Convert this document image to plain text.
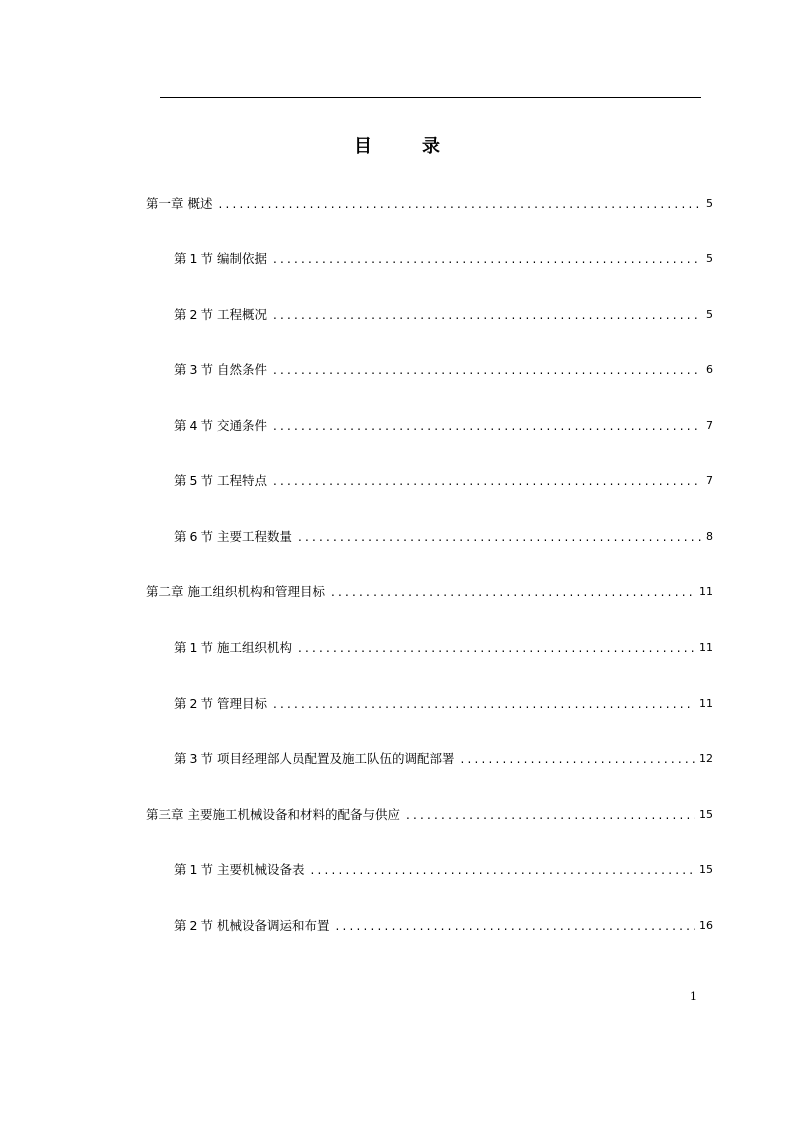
目　录
第一章 概述 .....	5
第 1 节 编制依据 .....	5
第 2 节 工程概况 .....	5
第 3 节 自然条件 .....	6
第 4 节 交通条件 .....	7
第 5 节 工程特点 .....	7
第 6 节 主要工程数量 .....	8
第二章 施工组织机构和管理目标 .....	11
第 1 节 施工组织机构 .....	11
第 2 节 管理目标 .....	11
第 3 节 项目经理部人员配置及施工队伍的调配部署 .....	12
第三章 主要施工机械设备和材料的配备与供应 .....	15
第 1 节 主要机械设备表 .....	15
第 2 节 机械设备调运和布置 .....	16
1
